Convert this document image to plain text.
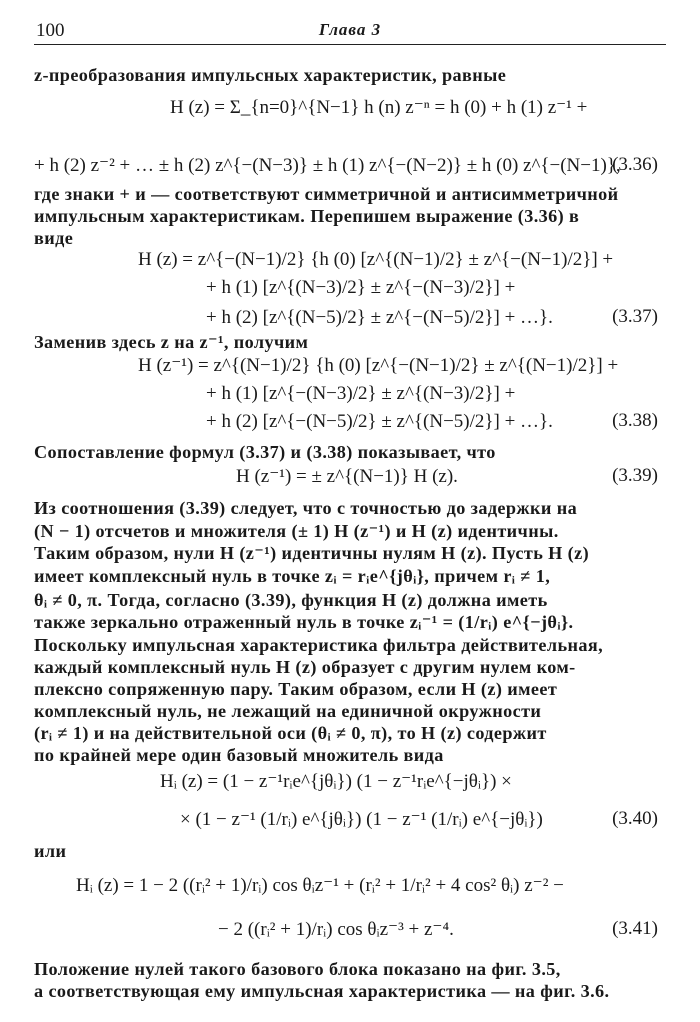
100	Глава 3
z-преобразования импульсных характеристик, равные
H (z) = Σ_{n=0}^{N−1} h (n) z⁻ⁿ = h (0) + h (1) z⁻¹ +
+ h (2) z⁻² + … ± h (2) z^{−(N−3)} ± h (1) z^{−(N−2)} ± h (0) z^{−(N−1)},
(3.36)
где знаки + и — соответствуют симметричной и антисимметричной
импульсным характеристикам. Перепишем выражение (3.36) в
виде
H (z) = z^{−(N−1)/2} {h (0) [z^{(N−1)/2} ± z^{−(N−1)/2}] +
+ h (1) [z^{(N−3)/2} ± z^{−(N−3)/2}] +
+ h (2) [z^{(N−5)/2} ± z^{−(N−5)/2}] + …}.	(3.37)
Заменив здесь z на z⁻¹, получим
H (z⁻¹) = z^{(N−1)/2} {h (0) [z^{−(N−1)/2} ± z^{(N−1)/2}] +
+ h (1) [z^{−(N−3)/2} ± z^{(N−3)/2}] +
+ h (2) [z^{−(N−5)/2} ± z^{(N−5)/2}] + …}.	(3.38)
Сопоставление формул (3.37) и (3.38) показывает, что
H (z⁻¹) = ± z^{(N−1)} H (z).	(3.39)
Из соотношения (3.39) следует, что с точностью до задержки на
(N − 1) отсчетов и множителя (± 1) H (z⁻¹) и H (z) идентичны.
Таким образом, нули H (z⁻¹) идентичны нулям H (z). Пусть H (z)
имеет комплексный нуль в точке zᵢ = rᵢe^{jθᵢ}, причем rᵢ ≠ 1,
θᵢ ≠ 0, π. Тогда, согласно (3.39), функция H (z) должна иметь
также зеркально отраженный нуль в точке zᵢ⁻¹ = (1/rᵢ) e^{−jθᵢ}.
Поскольку импульсная характеристика фильтра действительная,
каждый комплексный нуль H (z) образует с другим нулем ком-
плексно сопряженную пару. Таким образом, если H (z) имеет
комплексный нуль, не лежащий на единичной окружности
(rᵢ ≠ 1) и на действительной оси (θᵢ ≠ 0, π), то H (z) содержит
по крайней мере один базовый множитель вида
Hᵢ (z) = (1 − z⁻¹rᵢe^{jθᵢ}) (1 − z⁻¹rᵢe^{−jθᵢ}) ×
× (1 − z⁻¹ (1/rᵢ) e^{jθᵢ}) (1 − z⁻¹ (1/rᵢ) e^{−jθᵢ})	(3.40)
или
Hᵢ (z) = 1 − 2 ((rᵢ² + 1)/rᵢ) cos θᵢz⁻¹ + (rᵢ² + 1/rᵢ² + 4 cos² θᵢ) z⁻² −
− 2 ((rᵢ² + 1)/rᵢ) cos θᵢz⁻³ + z⁻⁴.	(3.41)
Положение нулей такого базового блока показано на фиг. 3.5,
а соответствующая ему импульсная характеристика — на фиг. 3.6.
